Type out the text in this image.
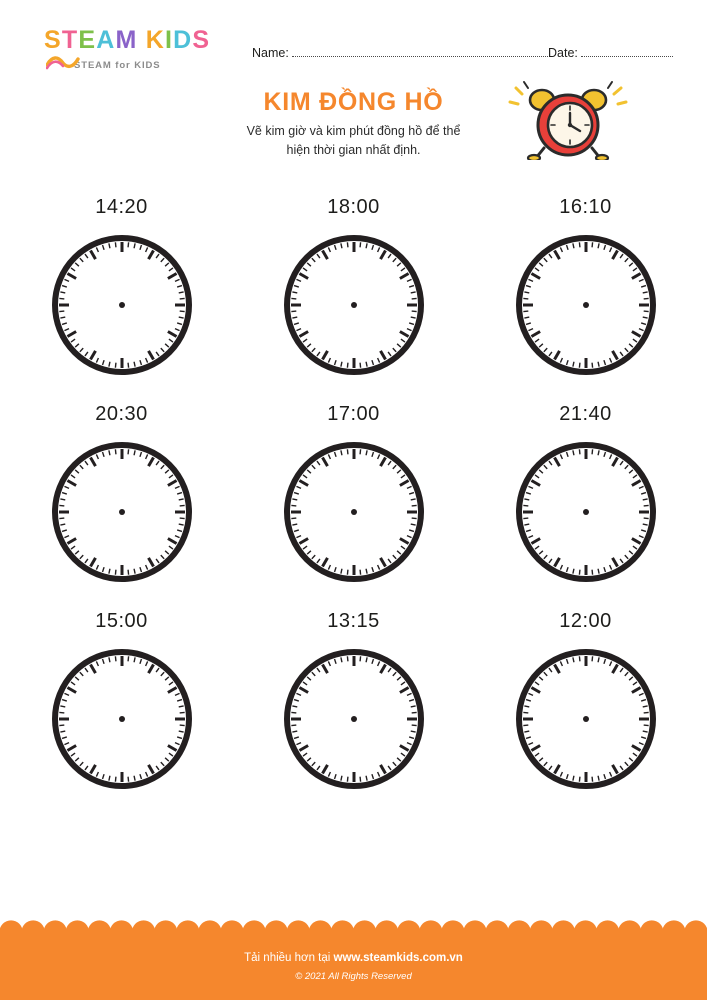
STEAM KIDS
STEAM for KIDS
Name:	Date:
KIM ĐỒNG HỒ
Vẽ kim giờ và kim phút đồng hồ để thể
hiện thời gian nhất định.
14:20	18:00	16:10
20:30	17:00	21:40
15:00	13:15	12:00
Tải nhiều hơn tại www.steamkids.com.vn
© 2021 All Rights Reserved
